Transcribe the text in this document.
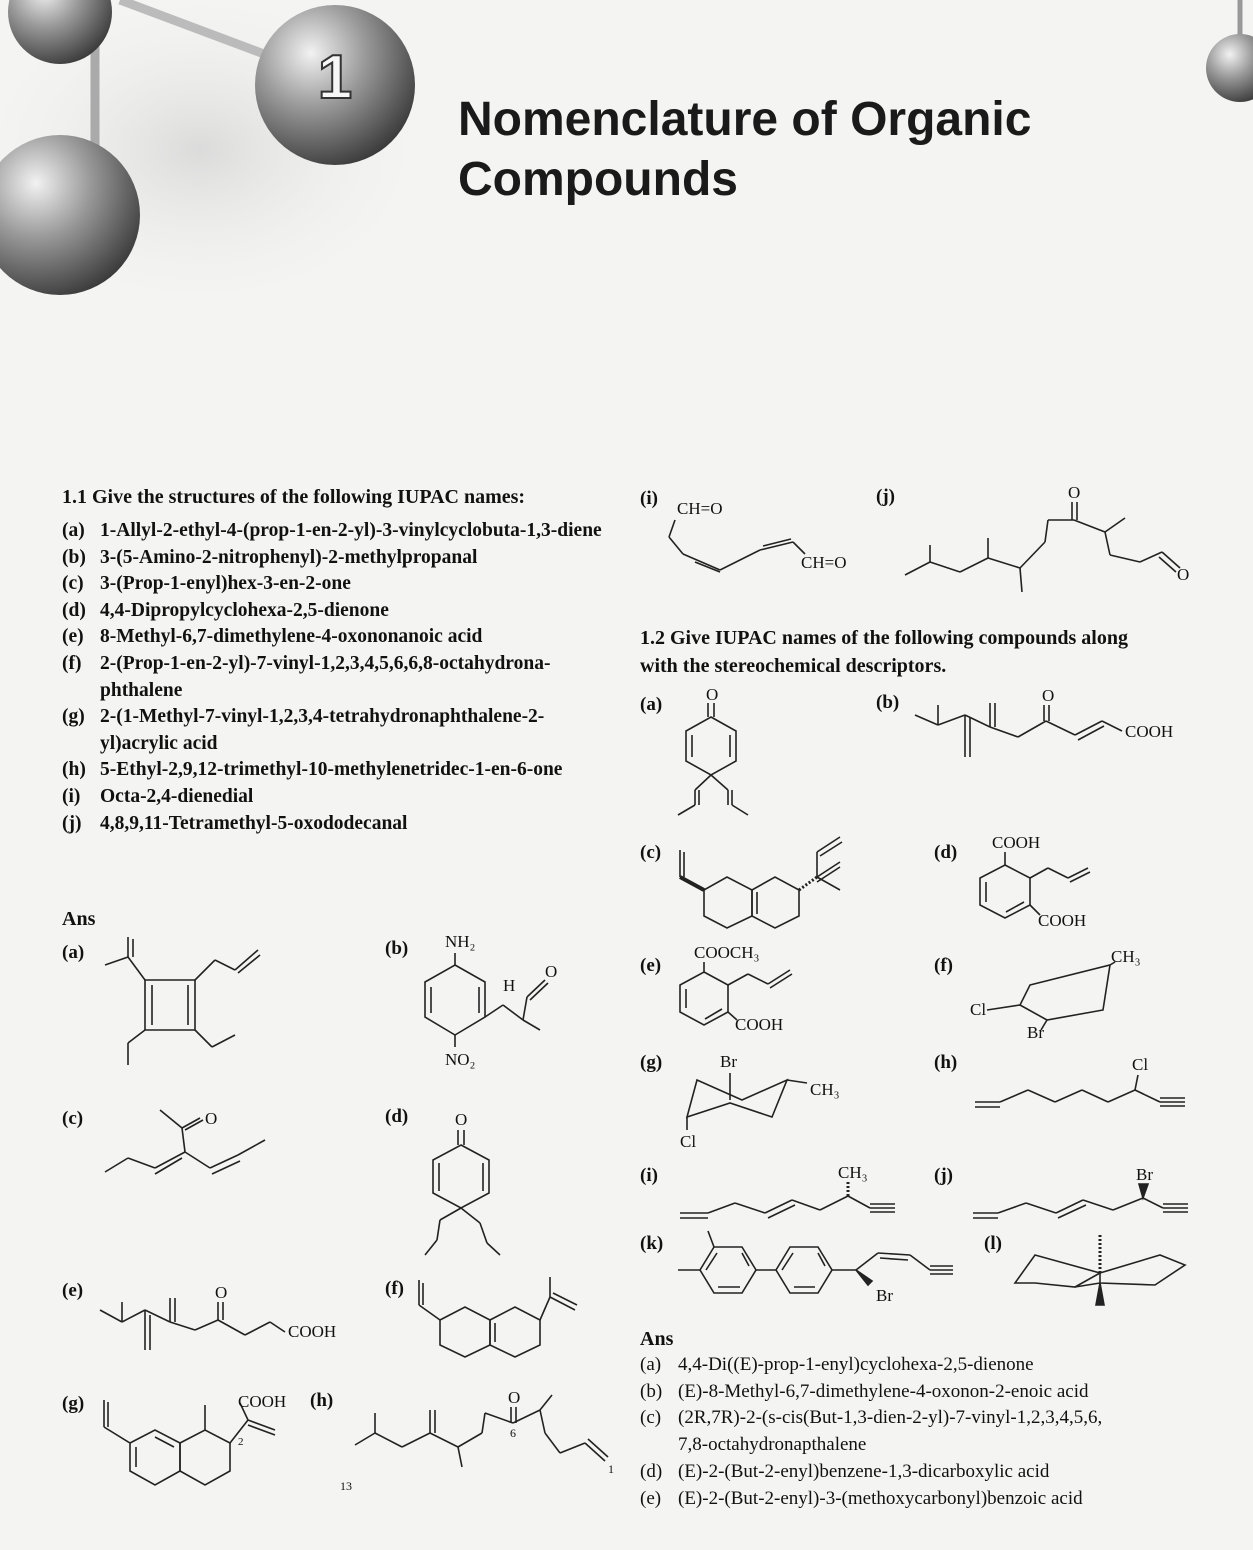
1
Nomenclature of Organic
Compounds
1.1 Give the structures of the following IUPAC names:
(a) 1-Allyl-2-ethyl-4-(prop-1-en-2-yl)-3-vinylcyclobuta-1,3-diene
(b) 3-(5-Amino-2-nitrophenyl)-2-methylpropanal
(c) 3-(Prop-1-enyl)hex-3-en-2-one
(d) 4,4-Dipropylcyclohexa-2,5-dienone
(e) 8-Methyl-6,7-dimethylene-4-oxononanoic acid
(f) 2-(Prop-1-en-2-yl)-7-vinyl-1,2,3,4,5,6,6,8-octahydrona-phthalene
(g) 2-(1-Methyl-7-vinyl-1,2,3,4-tetrahydronaphthalene-2-yl)acrylic acid
(h) 5-Ethyl-2,9,12-trimethyl-10-methylenetridec-1-en-6-one
(i) Octa-2,4-dienedial
(j) 4,8,9,11-Tetramethyl-5-oxododecanal
Ans
(a)	(b)
(c)	(d)
(e)	(f)
(g)	(h)
(i)	(j)
NH₂
NO₂
H
O
O	O
O
COOH
COOH
2
O
13
6
1
CH=O
CH=O
O
O
1.2 Give IUPAC names of the following compounds along
with the stereochemical descriptors.
(a)	(b)
(c)	(d)
(e)	(f)
(g)	(h)
(i)	(j)
(k)	(l)
O	O
COOH
COOH
COOH
COOCH₃
COOH
CH₃
Cl
Br
Br
CH₃
Cl
Cl
CH₃	Br
Br
Ans
(a) 4,4-Di((E)-prop-1-enyl)cyclohexa-2,5-dienone
(b) (E)-8-Methyl-6,7-dimethylene-4-oxonon-2-enoic acid
(c) (2R,7R)-2-(s-cis(But-1,3-dien-2-yl)-7-vinyl-1,2,3,4,5,6,
7,8-octahydronapthalene
(d) (E)-2-(But-2-enyl)benzene-1,3-dicarboxylic acid
(e) (E)-2-(But-2-enyl)-3-(methoxycarbonyl)benzoic acid
